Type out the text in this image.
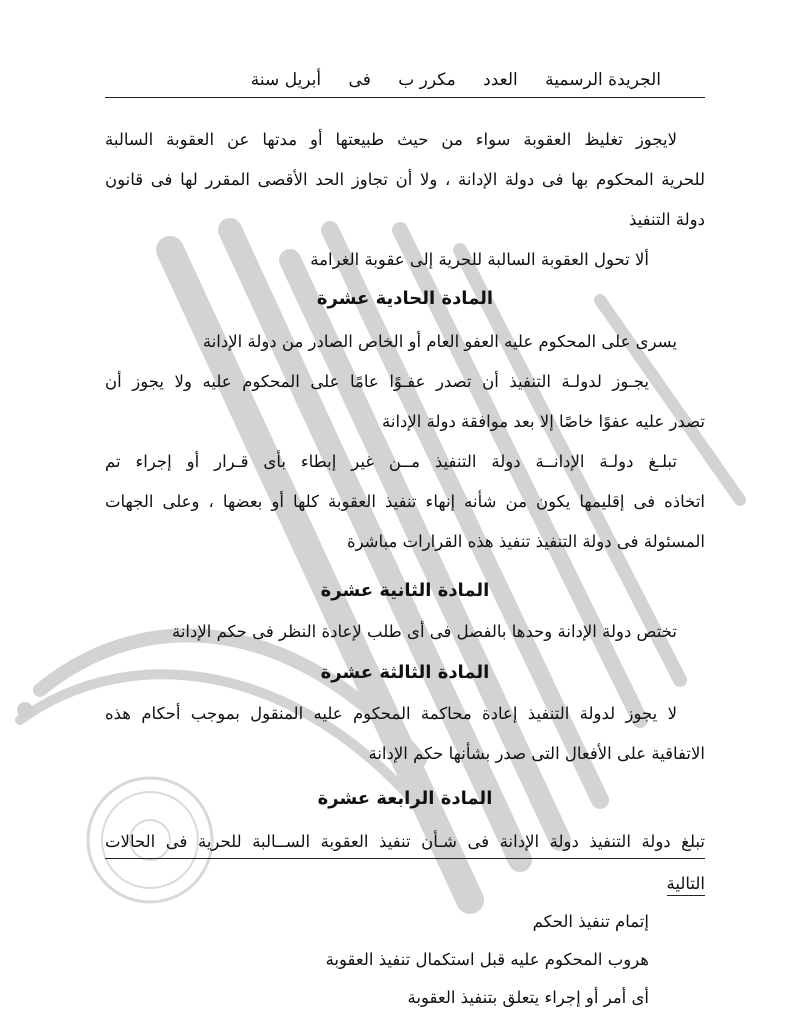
الجريدة الرسمية العدد مكرر ب فى أبريل سنة
لايجوز تغليظ العقوبة سواء من حيث طبيعتها أو مدتها عن العقوبة السالبة
للحرية المحكوم بها فى دولة الإدانة ، ولا أن تجاوز الحد الأقصى المقرر لها فى قانون
دولة التنفيذ
ألا تحول العقوبة السالبة للحرية إلى عقوبة الغرامة
المادة الحادية عشرة
يسرى على المحكوم عليه العفو العام أو الخاص الصادر من دولة الإدانة
يجـوز لدولـة التنفيذ أن تصدر عفـوًا عامًا على المحكوم عليه ولا يجوز أن
تصدر عليه عفوًا خاصًا إلا بعد موافقة دولة الإدانة
تبلـغ دولـة الإدانــة دولة التنفيذ مــن غير إبطاء بأى قـرار أو إجراء تم
اتخاذه فى إقليمها يكون من شأنه إنهاء تنفيذ العقوبة كلها أو بعضها ، وعلى الجهات
المسئولة فى دولة التنفيذ تنفيذ هذه القرارات مباشرة
المادة الثانية عشرة
تختص دولة الإدانة وحدها بالفصل فى أى طلب لإعادة النظر فى حكم الإدانة
المادة الثالثة عشرة
لا يجوز لدولة التنفيذ إعادة محاكمة المحكوم عليه المنقول بموجب أحكام هذه
الاتفاقية على الأفعال التى صدر بشأنها حكم الإدانة
المادة الرابعة عشرة
تبلغ دولة التنفيذ دولة الإدانة فى شـأن تنفيذ العقوبة الســالبة للحرية فى الحالات
التالية
إتمام تنفيذ الحكم
هروب المحكوم عليه قبل استكمال تنفيذ العقوبة
أى أمر أو إجراء يتعلق بتنفيذ العقوبة
